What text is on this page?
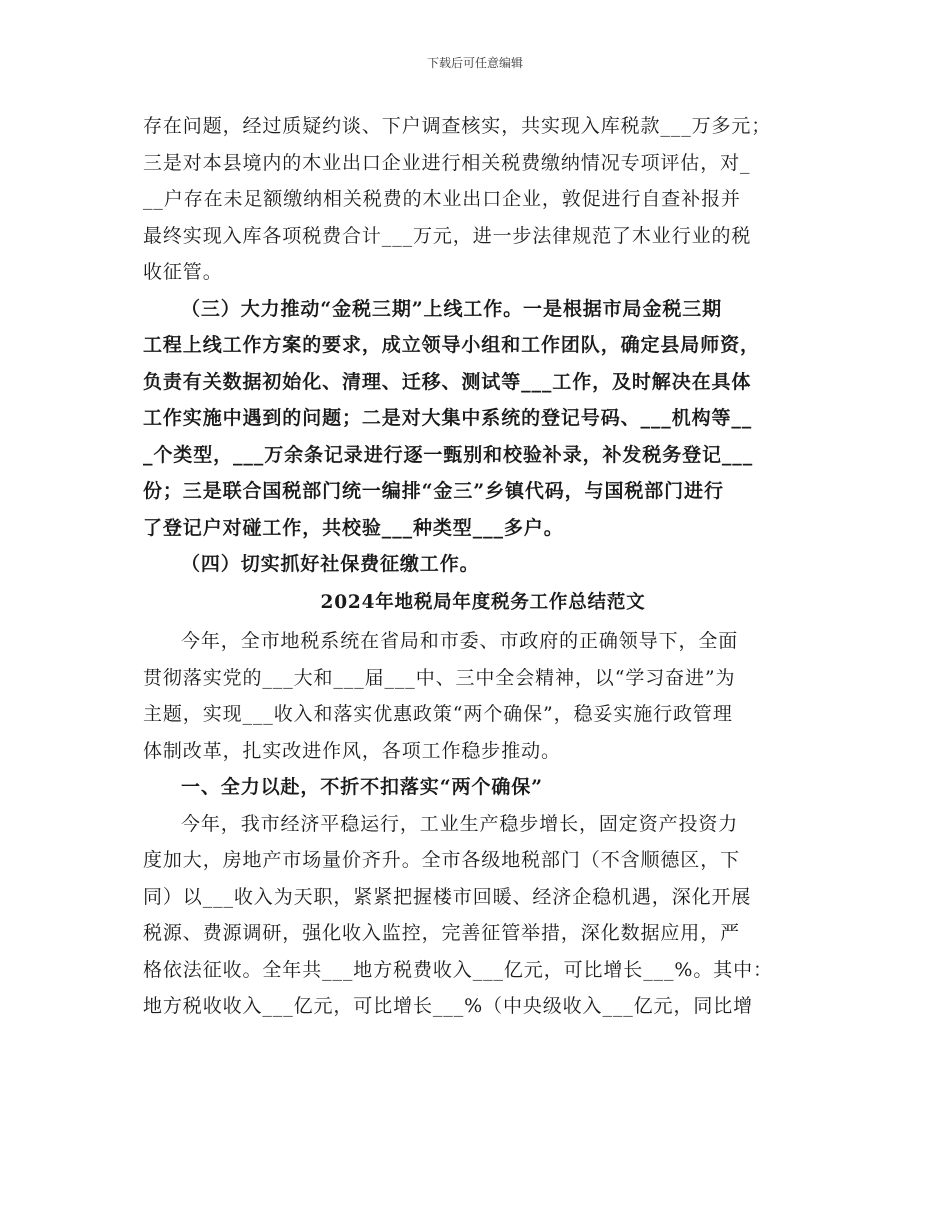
下载后可任意编辑
存在问题，经过质疑约谈、下户调查核实，共实现入库税款___万多元；
三是对本县境内的木业出口企业进行相关税费缴纳情况专项评估，对_
__户存在未足额缴纳相关税费的木业出口企业，敦促进行自查补报并
最终实现入库各项税费合计___万元，进一步法律规范了木业行业的税
收征管。
（三）大力推动“金税三期”上线工作。一是根据市局金税三期
工程上线工作方案的要求，成立领导小组和工作团队，确定县局师资，
负责有关数据初始化、清理、迁移、测试等___工作，及时解决在具体
工作实施中遇到的问题；二是对大集中系统的登记号码、___机构等__
_个类型，___万余条记录进行逐一甄别和校验补录，补发税务登记___
份；三是联合国税部门统一编排“金三”乡镇代码，与国税部门进行
了登记户对碰工作，共校验___种类型___多户。
（四）切实抓好社保费征缴工作。
2024年地税局年度税务工作总结范文
今年，全市地税系统在省局和市委、市政府的正确领导下，全面
贯彻落实党的___大和___届___中、三中全会精神，以“学习奋进”为
主题，实现___收入和落实优惠政策“两个确保”，稳妥实施行政管理
体制改革，扎实改进作风，各项工作稳步推动。
一、全力以赴，不折不扣落实“两个确保”
今年，我市经济平稳运行，工业生产稳步增长，固定资产投资力
度加大，房地产市场量价齐升。全市各级地税部门（不含顺德区，下
同）以___收入为天职，紧紧把握楼市回暖、经济企稳机遇，深化开展
税源、费源调研，强化收入监控，完善征管举措，深化数据应用，严
格依法征收。全年共___地方税费收入___亿元，可比增长___%。其中：
地方税收收入___亿元，可比增长___%（中央级收入___亿元，同比增
